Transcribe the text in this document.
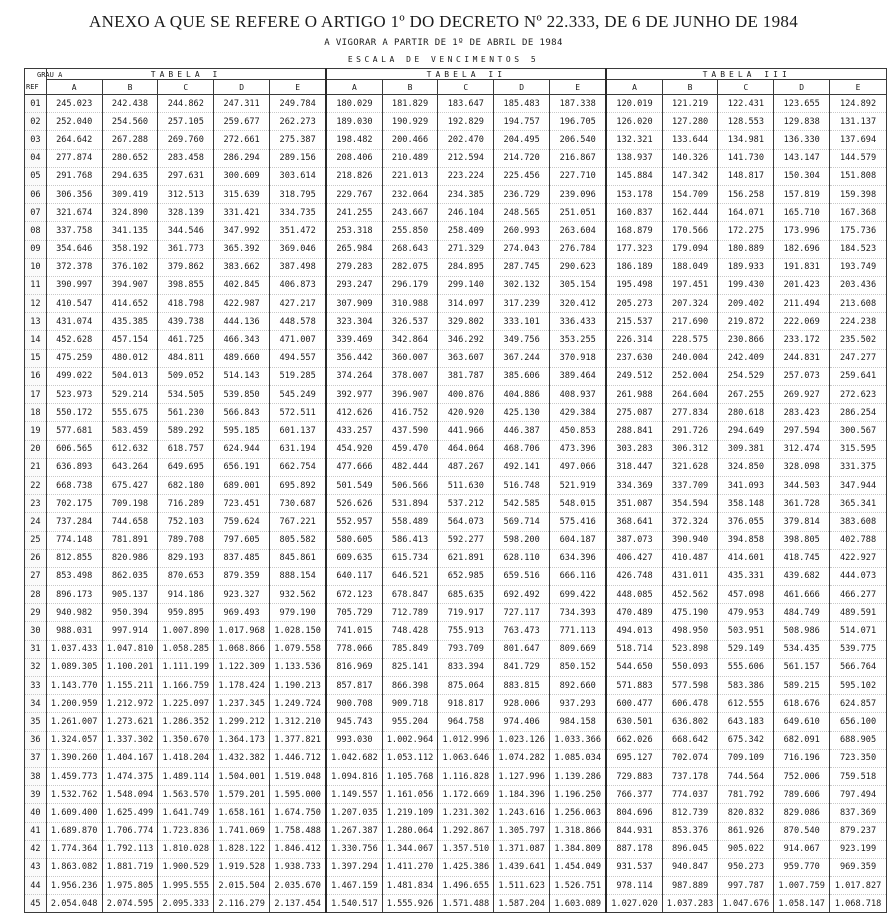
ANEXO A QUE SE REFERE O ARTIGO 1º DO DECRETO Nº 22.333, DE 6 DE JUNHO DE 1984
A VIGORAR A PARTIR DE 1º DE ABRIL DE 1984
ESCALA DE VENCIMENTOS 5
GRAU A
REF	TABELA I					TABELA II					TABELA III				
	A	B	C	D	E	A	B	C	D	E	A	B	C	D	E
01	245.023	242.438	244.862	247.311	249.784	180.029	181.829	183.647	185.483	187.338	120.019	121.219	122.431	123.655	124.892
02	252.040	254.560	257.105	259.677	262.273	189.030	190.929	192.829	194.757	196.705	126.020	127.280	128.553	129.838	131.137
03	264.642	267.288	269.760	272.661	275.387	198.482	200.466	202.470	204.495	206.540	132.321	133.644	134.981	136.330	137.694
04	277.874	280.652	283.458	286.294	289.156	208.406	210.489	212.594	214.720	216.867	138.937	140.326	141.730	143.147	144.579
05	291.768	294.635	297.631	300.609	303.614	218.826	221.013	223.224	225.456	227.710	145.884	147.342	148.817	150.304	151.808
06	306.356	309.419	312.513	315.639	318.795	229.767	232.064	234.385	236.729	239.096	153.178	154.709	156.258	157.819	159.398
07	321.674	324.890	328.139	331.421	334.735	241.255	243.667	246.104	248.565	251.051	160.837	162.444	164.071	165.710	167.368
08	337.758	341.135	344.546	347.992	351.472	253.318	255.850	258.409	260.993	263.604	168.879	170.566	172.275	173.996	175.736
09	354.646	358.192	361.773	365.392	369.046	265.984	268.643	271.329	274.043	276.784	177.323	179.094	180.889	182.696	184.523
10	372.378	376.102	379.862	383.662	387.498	279.283	282.075	284.895	287.745	290.623	186.189	188.049	189.933	191.831	193.749
11	390.997	394.907	398.855	402.845	406.873	293.247	296.179	299.140	302.132	305.154	195.498	197.451	199.430	201.423	203.436
12	410.547	414.652	418.798	422.987	427.217	307.909	310.988	314.097	317.239	320.412	205.273	207.324	209.402	211.494	213.608
13	431.074	435.385	439.738	444.136	448.578	323.304	326.537	329.802	333.101	336.433	215.537	217.690	219.872	222.069	224.238
14	452.628	457.154	461.725	466.343	471.007	339.469	342.864	346.292	349.756	353.255	226.314	228.575	230.866	233.172	235.502
15	475.259	480.012	484.811	489.660	494.557	356.442	360.007	363.607	367.244	370.918	237.630	240.004	242.409	244.831	247.277
16	499.022	504.013	509.052	514.143	519.285	374.264	378.007	381.787	385.606	389.464	249.512	252.004	254.529	257.073	259.641
17	523.973	529.214	534.505	539.850	545.249	392.977	396.907	400.876	404.886	408.937	261.988	264.604	267.255	269.927	272.623
18	550.172	555.675	561.230	566.843	572.511	412.626	416.752	420.920	425.130	429.384	275.087	277.834	280.618	283.423	286.254
19	577.681	583.459	589.292	595.185	601.137	433.257	437.590	441.966	446.387	450.853	288.841	291.726	294.649	297.594	300.567
20	606.565	612.632	618.757	624.944	631.194	454.920	459.470	464.064	468.706	473.396	303.283	306.312	309.381	312.474	315.595
21	636.893	643.264	649.695	656.191	662.754	477.666	482.444	487.267	492.141	497.066	318.447	321.628	324.850	328.098	331.375
22	668.738	675.427	682.180	689.001	695.892	501.549	506.566	511.630	516.748	521.919	334.369	337.709	341.093	344.503	347.944
23	702.175	709.198	716.289	723.451	730.687	526.626	531.894	537.212	542.585	548.015	351.087	354.594	358.148	361.728	365.341
24	737.284	744.658	752.103	759.624	767.221	552.957	558.489	564.073	569.714	575.416	368.641	372.324	376.055	379.814	383.608
25	774.148	781.891	789.708	797.605	805.582	580.605	586.413	592.277	598.200	604.187	387.073	390.940	394.858	398.805	402.788
26	812.855	820.986	829.193	837.485	845.861	609.635	615.734	621.891	628.110	634.396	406.427	410.487	414.601	418.745	422.927
27	853.498	862.035	870.653	879.359	888.154	640.117	646.521	652.985	659.516	666.116	426.748	431.011	435.331	439.682	444.073
28	896.173	905.137	914.186	923.327	932.562	672.123	678.847	685.635	692.492	699.422	448.085	452.562	457.098	461.666	466.277
29	940.982	950.394	959.895	969.493	979.190	705.729	712.789	719.917	727.117	734.393	470.489	475.190	479.953	484.749	489.591
30	988.031	997.914	1.007.890	1.017.968	1.028.150	741.015	748.428	755.913	763.473	771.113	494.013	498.950	503.951	508.986	514.071
31	1.037.433	1.047.810	1.058.285	1.068.866	1.079.558	778.066	785.849	793.709	801.647	809.669	518.714	523.898	529.149	534.435	539.775
32	1.089.305	1.100.201	1.111.199	1.122.309	1.133.536	816.969	825.141	833.394	841.729	850.152	544.650	550.093	555.606	561.157	566.764
33	1.143.770	1.155.211	1.166.759	1.178.424	1.190.213	857.817	866.398	875.064	883.815	892.660	571.883	577.598	583.386	589.215	595.102
34	1.200.959	1.212.972	1.225.097	1.237.345	1.249.724	900.708	909.718	918.817	928.006	937.293	600.477	606.478	612.555	618.676	624.857
35	1.261.007	1.273.621	1.286.352	1.299.212	1.312.210	945.743	955.204	964.758	974.406	984.158	630.501	636.802	643.183	649.610	656.100
36	1.324.057	1.337.302	1.350.670	1.364.173	1.377.821	993.030	1.002.964	1.012.996	1.023.126	1.033.366	662.026	668.642	675.342	682.091	688.905
37	1.390.260	1.404.167	1.418.204	1.432.382	1.446.712	1.042.682	1.053.112	1.063.646	1.074.282	1.085.034	695.127	702.074	709.109	716.196	723.350
38	1.459.773	1.474.375	1.489.114	1.504.001	1.519.048	1.094.816	1.105.768	1.116.828	1.127.996	1.139.286	729.883	737.178	744.564	752.006	759.518
39	1.532.762	1.548.094	1.563.570	1.579.201	1.595.000	1.149.557	1.161.056	1.172.669	1.184.396	1.196.250	766.377	774.037	781.792	789.606	797.494
40	1.609.400	1.625.499	1.641.749	1.658.161	1.674.750	1.207.035	1.219.109	1.231.302	1.243.616	1.256.063	804.696	812.739	820.832	829.086	837.369
41	1.689.870	1.706.774	1.723.836	1.741.069	1.758.488	1.267.387	1.280.064	1.292.867	1.305.797	1.318.866	844.931	853.376	861.926	870.540	879.237
42	1.774.364	1.792.113	1.810.028	1.828.122	1.846.412	1.330.756	1.344.067	1.357.510	1.371.087	1.384.809	887.178	896.045	905.022	914.067	923.199
43	1.863.082	1.881.719	1.900.529	1.919.528	1.938.733	1.397.294	1.411.270	1.425.386	1.439.641	1.454.049	931.537	940.847	950.273	959.770	969.359
44	1.956.236	1.975.805	1.995.555	2.015.504	2.035.670	1.467.159	1.481.834	1.496.655	1.511.623	1.526.751	978.114	987.889	997.787	1.007.759	1.017.827
45	2.054.048	2.074.595	2.095.333	2.116.279	2.137.454	1.540.517	1.555.926	1.571.488	1.587.204	1.603.089	1.027.020	1.037.283	1.047.676	1.058.147	1.068.718
